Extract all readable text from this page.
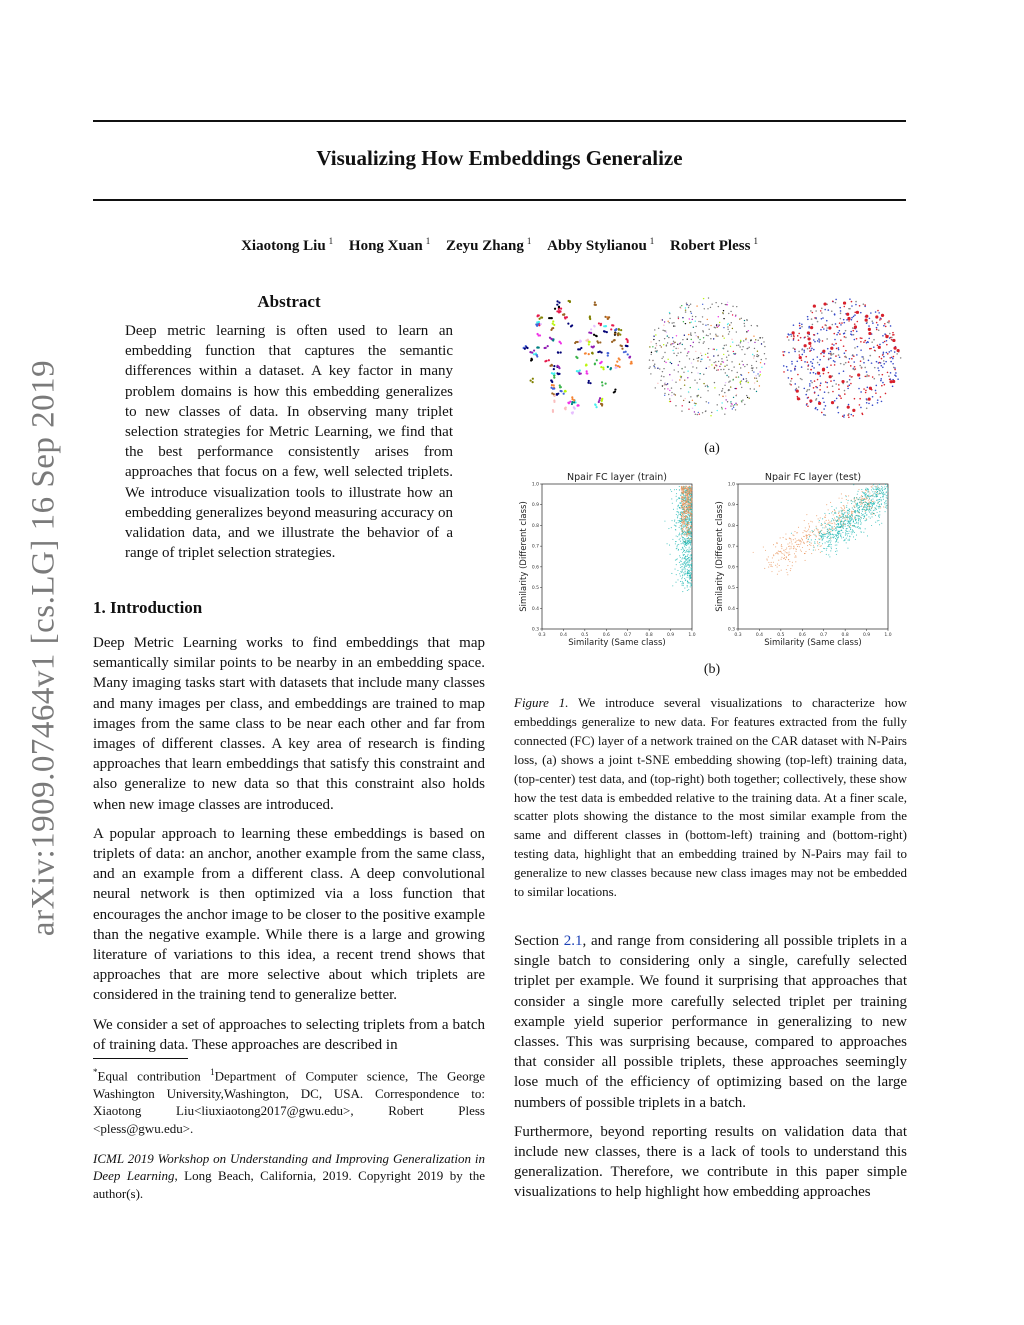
Visualizing How Embeddings Generalize
Xiaotong Liu $^1$ Hong Xuan $^1$ Zeyu Zhang $^1$ Abby Stylianou $^1$ Robert Pless $^1$
arXiv:1909.07464v1 [cs.LG] 16 Sep 2019
Abstract
Deep metric learning is often used to learn an embedding function that captures the semantic differences within a dataset. A key factor in many problem domains is how this embedding generalizes to new classes of data. In observing many triplet selection strategies for Metric Learning, we find that the best performance consistently arises from approaches that focus on a few, well selected triplets. We introduce visualization tools to illustrate how an embedding generalizes beyond measuring accuracy on validation data, and we illustrate the behavior of a range of triplet selection strategies.
1. Introduction

Deep Metric Learning works to find embeddings that map semantically similar points to be nearby in an embedding space. Many imaging tasks start with datasets that include many classes and many images per class, and embeddings are trained to map images from the same class to be near each other and far from images of different classes. A key area of research is finding approaches that learn embeddings that satisfy this constraint and also generalize to new data so that this constraint also holds when new image classes are introduced.

A popular approach to learning these embeddings is based on triplets of data: an anchor, another example from the same class, and an example from a different class. A deep convolutional neural network is then optimized via a loss function that encourages the anchor image to be closer to the positive example than the negative example. While there is a large and growing literature of variations to this idea, a recent trend shows that approaches that are more selective about which triplets are considered in the training tend to generalize better.

We consider a set of approaches to selecting triplets from a batch of training data. These approaches are described in

*Equal contribution $^1$Department of Computer science, The George Washington University,Washington, DC, USA. Correspondence to: Xiaotong Liu<liuxiaotong2017@gwu.edu>, Robert Pless <pless@gwu.edu>.
ICML 2019 Workshop on Understanding and Improving Generalization in Deep Learning, Long Beach, California, 2019. Copyright 2019 by the author(s).
(a)
Npair FC layer (train)
Similarity (Same class)
Similarity (Different class)
0.3	0.4	0.5	0.6	0.7	0.8	0.9	1.0
0.3
0.4
0.5
0.6
0.7
0.8
0.9
1.0
Npair FC layer (test)
Similarity (Same class)
Similarity (Different class)
0.3	0.4	0.5	0.6	0.7	0.8	0.9	1.0
0.3
0.4
0.5
0.6
0.7
0.8
0.9
1.0
(b)
Figure 1. We introduce several visualizations to characterize how embeddings generalize to new data. For features extracted from the fully connected (FC) layer of a network trained on the CAR dataset with N-Pairs loss, (a) shows a joint t-SNE embedding showing (top-left) training data, (top-center) test data, and (top-right) both together; collectively, these show how the test data is embedded relative to the training data. At a finer scale, scatter plots showing the distance to the most similar example from the same and different classes in (bottom-left) training and (bottom-right) testing data, highlight that an embedding trained by N-Pairs may fail to generalize to new classes because new class images may not be embedded to similar locations.

Section 2.1, and range from considering all possible triplets in a single batch to considering only a single, carefully selected triplet per example. We found it surprising that approaches that consider a single more carefully selected triplet per training example yield superior performance in generalizing to new classes. This was surprising because, compared to approaches that consider all possible triplets, these approaches seemingly lose much of the efficiency of optimizing based on the large numbers of possible triplets in a batch.

Furthermore, beyond reporting results on validation data that include new classes, there is a lack of tools to understand this generalization. Therefore, we contribute in this paper simple visualizations to help highlight how embedding approaches
